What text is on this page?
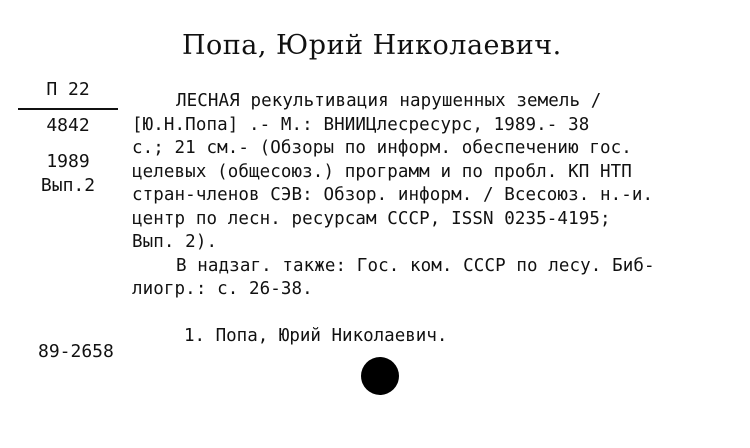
Попа, Юрий Николаевич.
П 22
4842
1989
Вып.2

ЛЕСНАЯ рекультивация нарушенных земель /

[Ю.Н.Попа] .- М.: ВНИИЦлесресурс, 1989.- 38

с.; 21 см.- (Обзоры по информ. обеспечению гос.

целевых (общесоюз.) программ и по пробл. КП НТП

стран-членов СЭВ: Обзор. информ. / Всесоюз. н.-и.

центр по лесн. ресурсам СССР, ISSN 0235-4195;

Вып. 2).

В надзаг. также: Гос. ком. СССР по лесу. Биб-

лиогр.: с. 26-38.

1. Попа, Юрий Николаевич.
89-2658
